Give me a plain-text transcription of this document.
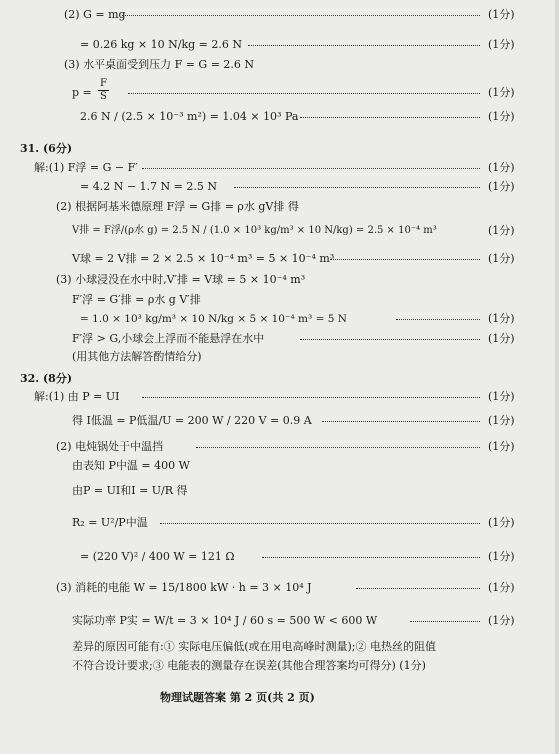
(2) G = mg	(1分)
= 0.26 kg × 10 N/kg = 2.6 N	(1分)
(3) 水平桌面受到压力 F = G = 2.6 N
$p = \frac{F}{S}$	(1分)
2.6 N / (2.5 × 10⁻³ m²) = 1.04 × 10³ Pa	(1分)
31. (6分)
解:(1) F浮 = G − F′	(1分)
= 4.2 N − 1.7 N = 2.5 N	(1分)
(2) 根据阿基米德原理 F浮 = G排 = ρ水 gV排 得
V排 = F浮/(ρ水 g) = 2.5 N / (1.0 × 10³ kg/m³ × 10 N/kg) = 2.5 × 10⁻⁴ m³	(1分)
V球 = 2 V排 = 2 × 2.5 × 10⁻⁴ m³ = 5 × 10⁻⁴ m³	(1分)
(3) 小球浸没在水中时,V′排 = V球 = 5 × 10⁻⁴ m³
F′浮 = G′排 = ρ水 g V′排
= 1.0 × 10³ kg/m³ × 10 N/kg × 5 × 10⁻⁴ m³ = 5 N	(1分)
F′浮 > G,小球会上浮而不能悬浮在水中	(1分)
(用其他方法解答酌情给分)
32. (8分)
解:(1) 由 P = UI	(1分)
得 I低温 = P低温/U = 200 W / 220 V = 0.9 A	(1分)
(2) 电炖锅处于中温挡	(1分)
由表知 P中温 = 400 W
由P = UI和I = U/R 得
R₂ = U²/P中温	(1分)
= (220 V)² / 400 W = 121 Ω	(1分)
(3) 消耗的电能 W = 15/1800 kW · h = 3 × 10⁴ J	(1分)
实际功率 P实 = W/t = 3 × 10⁴ J / 60 s = 500 W < 600 W	(1分)
差异的原因可能有:① 实际电压偏低(或在用电高峰时测量);② 电热丝的阻值
不符合设计要求;③ 电能表的测量存在误差(其他合理答案均可得分) (1分)
物理试题答案 第 2 页(共 2 页)
